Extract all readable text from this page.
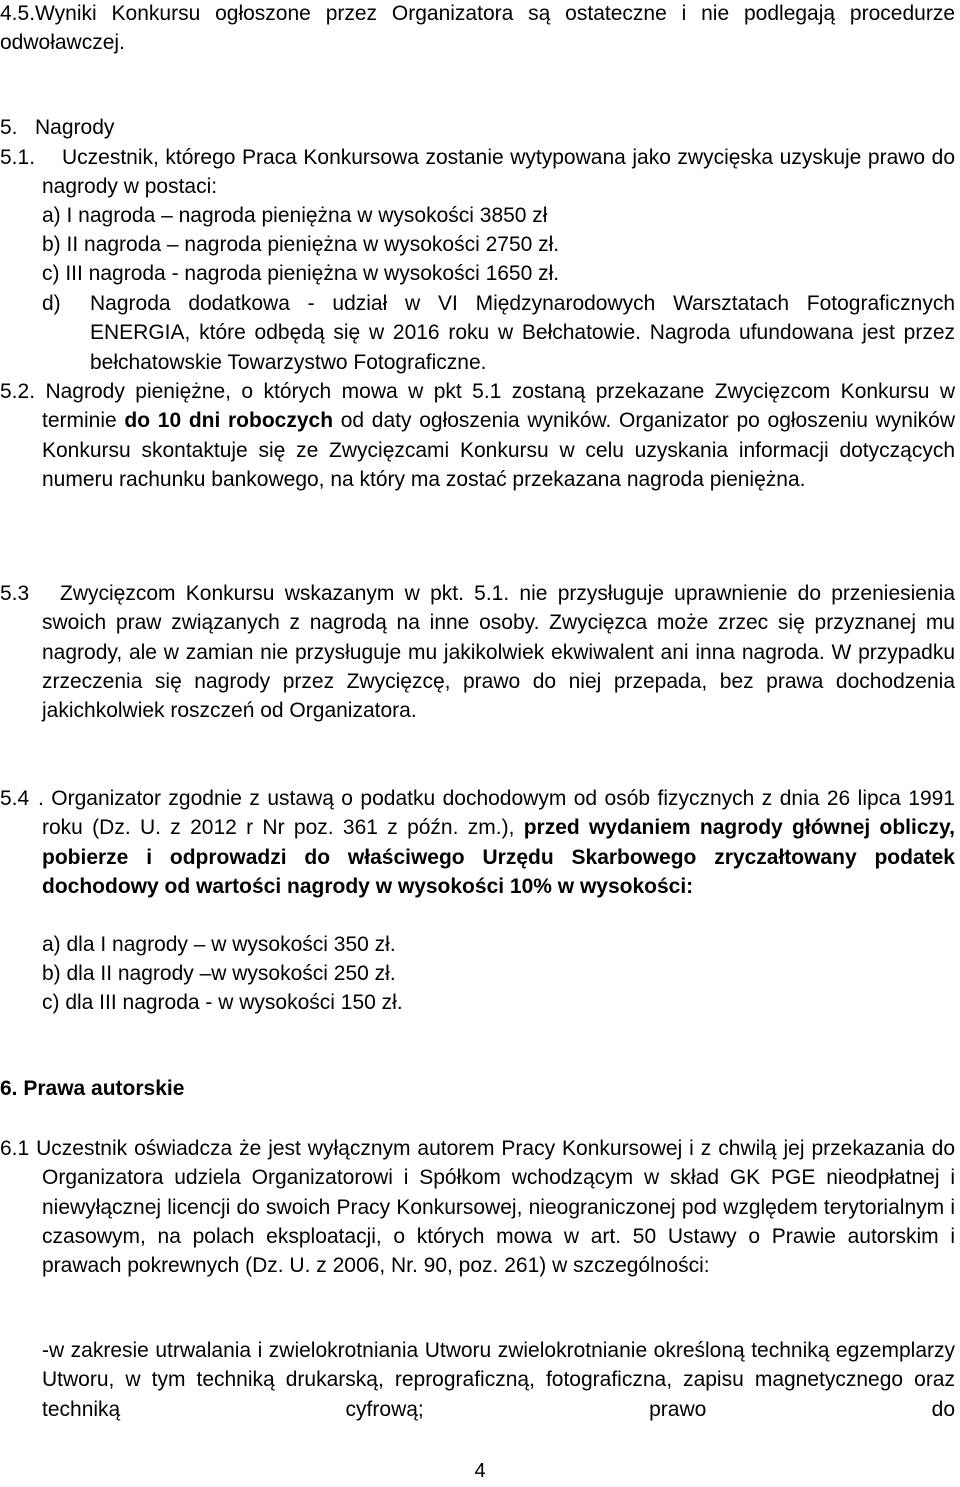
4.5.Wyniki Konkursu ogłoszone przez Organizatora są ostateczne i nie podlegają procedurze odwoławczej.

5.   Nagrody

5.1.	Uczestnik, którego Praca Konkursowa zostanie wytypowana jako zwycięska uzyskuje prawo do nagrody w postaci:

a) I nagroda – nagroda pieniężna w wysokości 3850 zł

b) II nagroda – nagroda pieniężna w wysokości 2750 zł.

c) III nagroda - nagroda pieniężna w wysokości 1650 zł.

d) Nagroda dodatkowa - udział w VI Międzynarodowych Warsztatach Fotograficznych ENERGIA, które odbędą się w 2016 roku w Bełchatowie. Nagroda ufundowana jest przez bełchatowskie Towarzystwo Fotograficzne.

5.2. Nagrody pieniężne, o których mowa w pkt 5.1 zostaną przekazane Zwycięzcom Konkursu w terminie do 10 dni roboczych od daty ogłoszenia wyników. Organizator po ogłoszeniu wyników Konkursu skontaktuje się ze Zwycięzcami Konkursu w celu uzyskania informacji dotyczących numeru rachunku bankowego, na który ma zostać przekazana nagroda pieniężna.

5.3	Zwycięzcom Konkursu wskazanym w pkt. 5.1. nie przysługuje uprawnienie do przeniesienia swoich praw związanych z nagrodą na inne osoby. Zwycięzca może zrzec się przyznanej mu nagrody, ale w zamian nie przysługuje mu jakikolwiek ekwiwalent ani inna nagroda. W przypadku zrzeczenia się nagrody przez Zwycięzcę, prawo do niej przepada, bez prawa dochodzenia jakichkolwiek roszczeń od Organizatora.

5.4 . Organizator zgodnie z ustawą o podatku dochodowym od osób fizycznych z dnia 26 lipca 1991 roku (Dz. U. z 2012 r Nr poz. 361 z późn. zm.), przed wydaniem nagrody głównej obliczy, pobierze i odprowadzi do właściwego Urzędu Skarbowego zryczałtowany podatek dochodowy od wartości nagrody w wysokości 10% w wysokości:

a) dla I nagrody – w wysokości 350 zł.

b) dla II nagrody –w wysokości 250 zł.

c) dla III nagroda - w wysokości 150 zł.

6. Prawa autorskie

6.1 Uczestnik oświadcza że jest wyłącznym autorem Pracy Konkursowej i z chwilą jej przekazania do Organizatora udziela Organizatorowi i Spółkom wchodzącym w skład GK PGE nieodpłatnej i niewyłącznej licencji do swoich Pracy Konkursowej, nieograniczonej pod względem terytorialnym i czasowym, na polach eksploatacji, o których mowa w art. 50 Ustawy o Prawie autorskim i prawach pokrewnych (Dz. U. z 2006, Nr. 90, poz. 261) w szczególności:

-w zakresie utrwalania i zwielokrotniania Utworu zwielokrotnianie określoną techniką egzemplarzy Utworu, w tym techniką drukarską, reprograficzną, fotograficzna, zapisu magnetycznego oraz techniką cyfrową; prawo do

4
